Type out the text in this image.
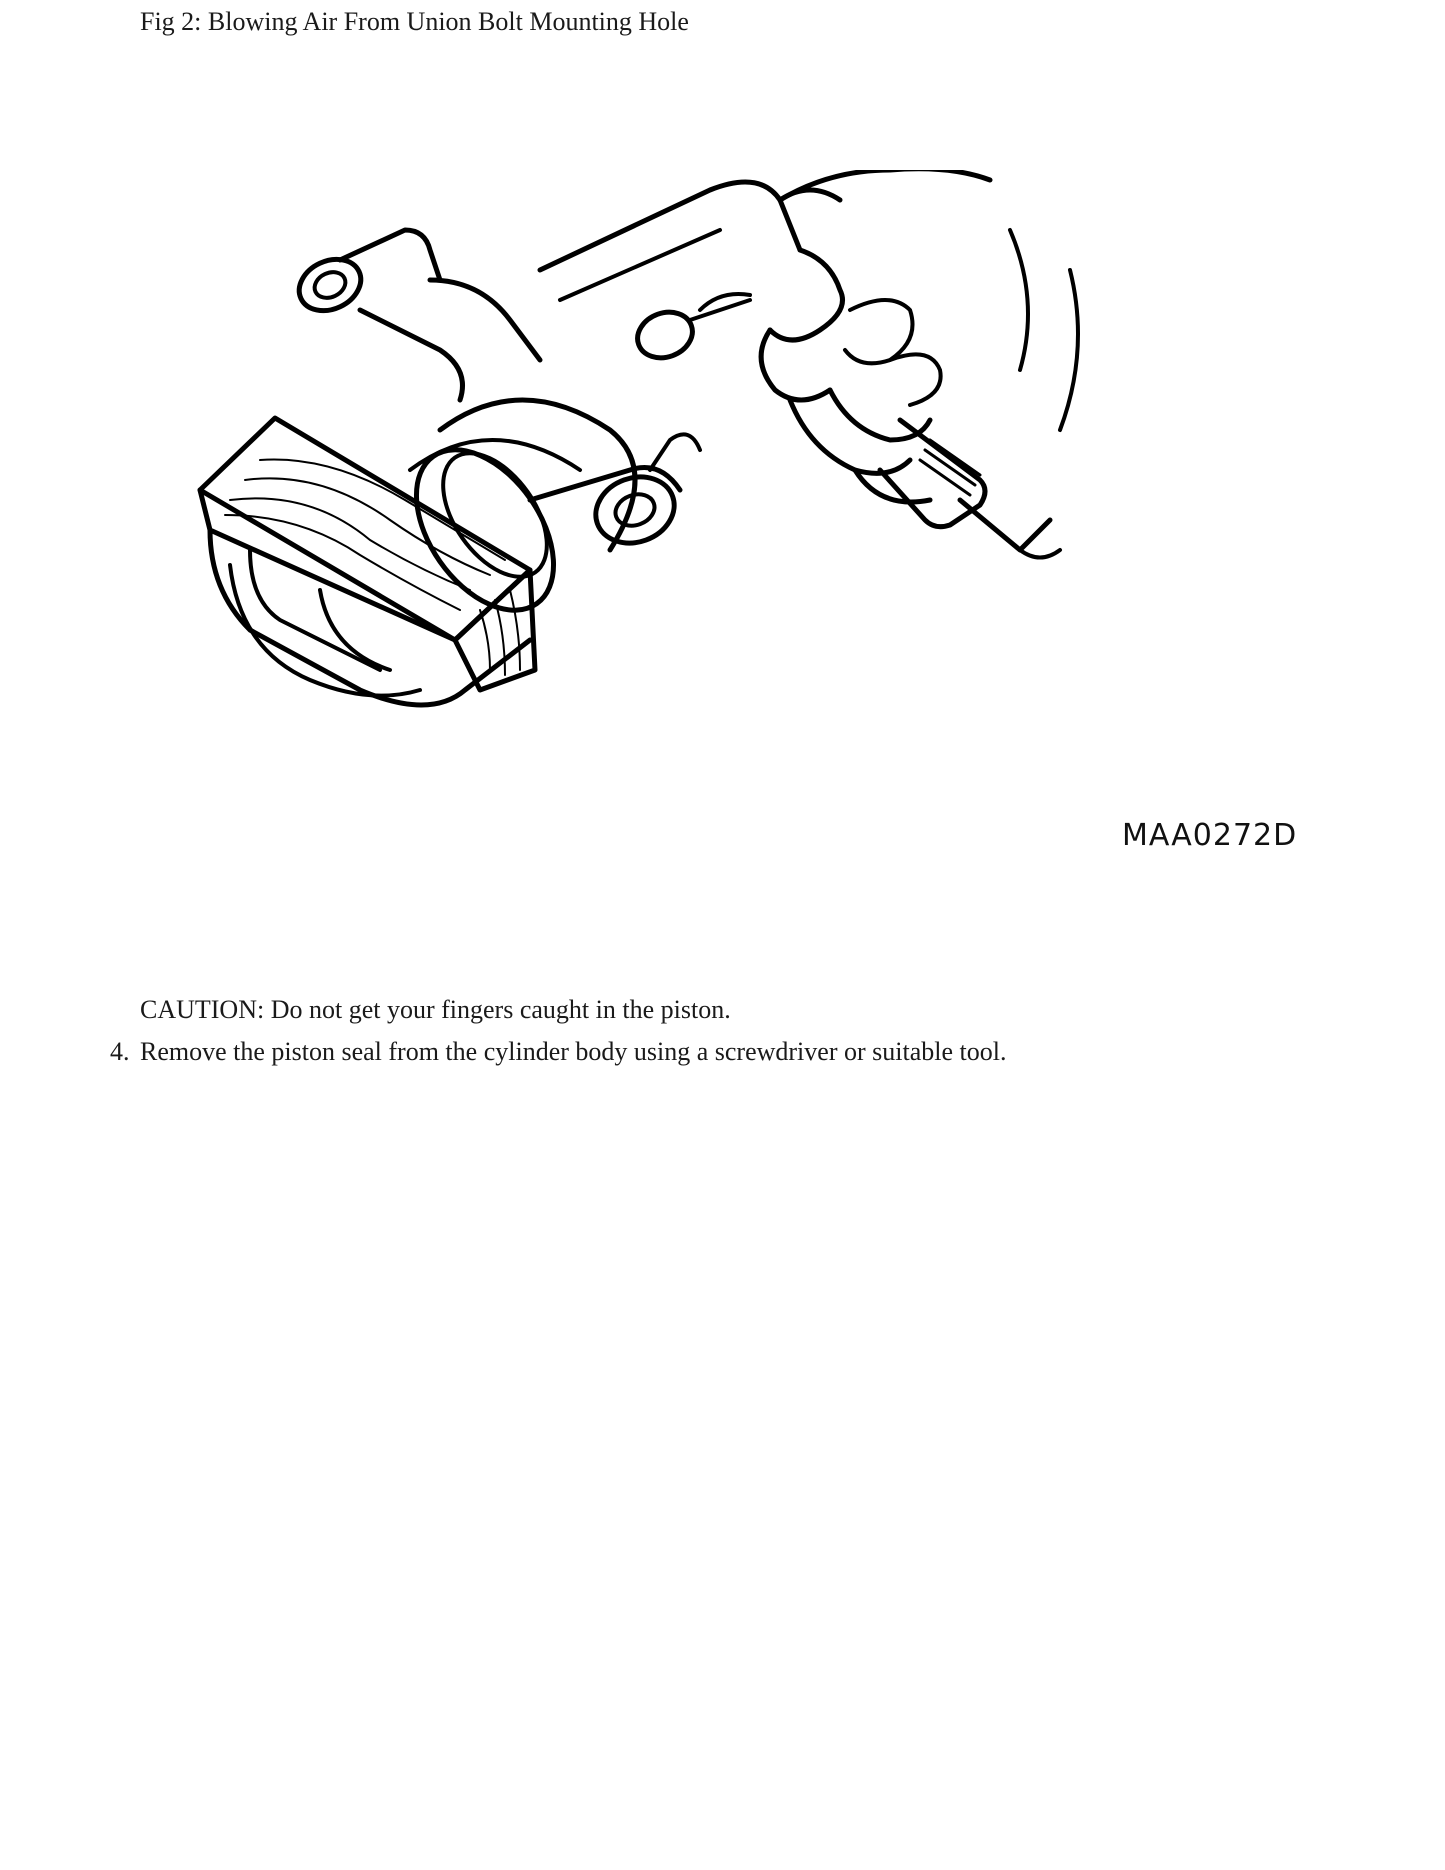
Fig 2: Blowing Air From Union Bolt Mounting Hole
MAA0272D
CAUTION: Do not get your fingers caught in the piston.
4. Remove the piston seal from the cylinder body using a screwdriver or suitable tool.
